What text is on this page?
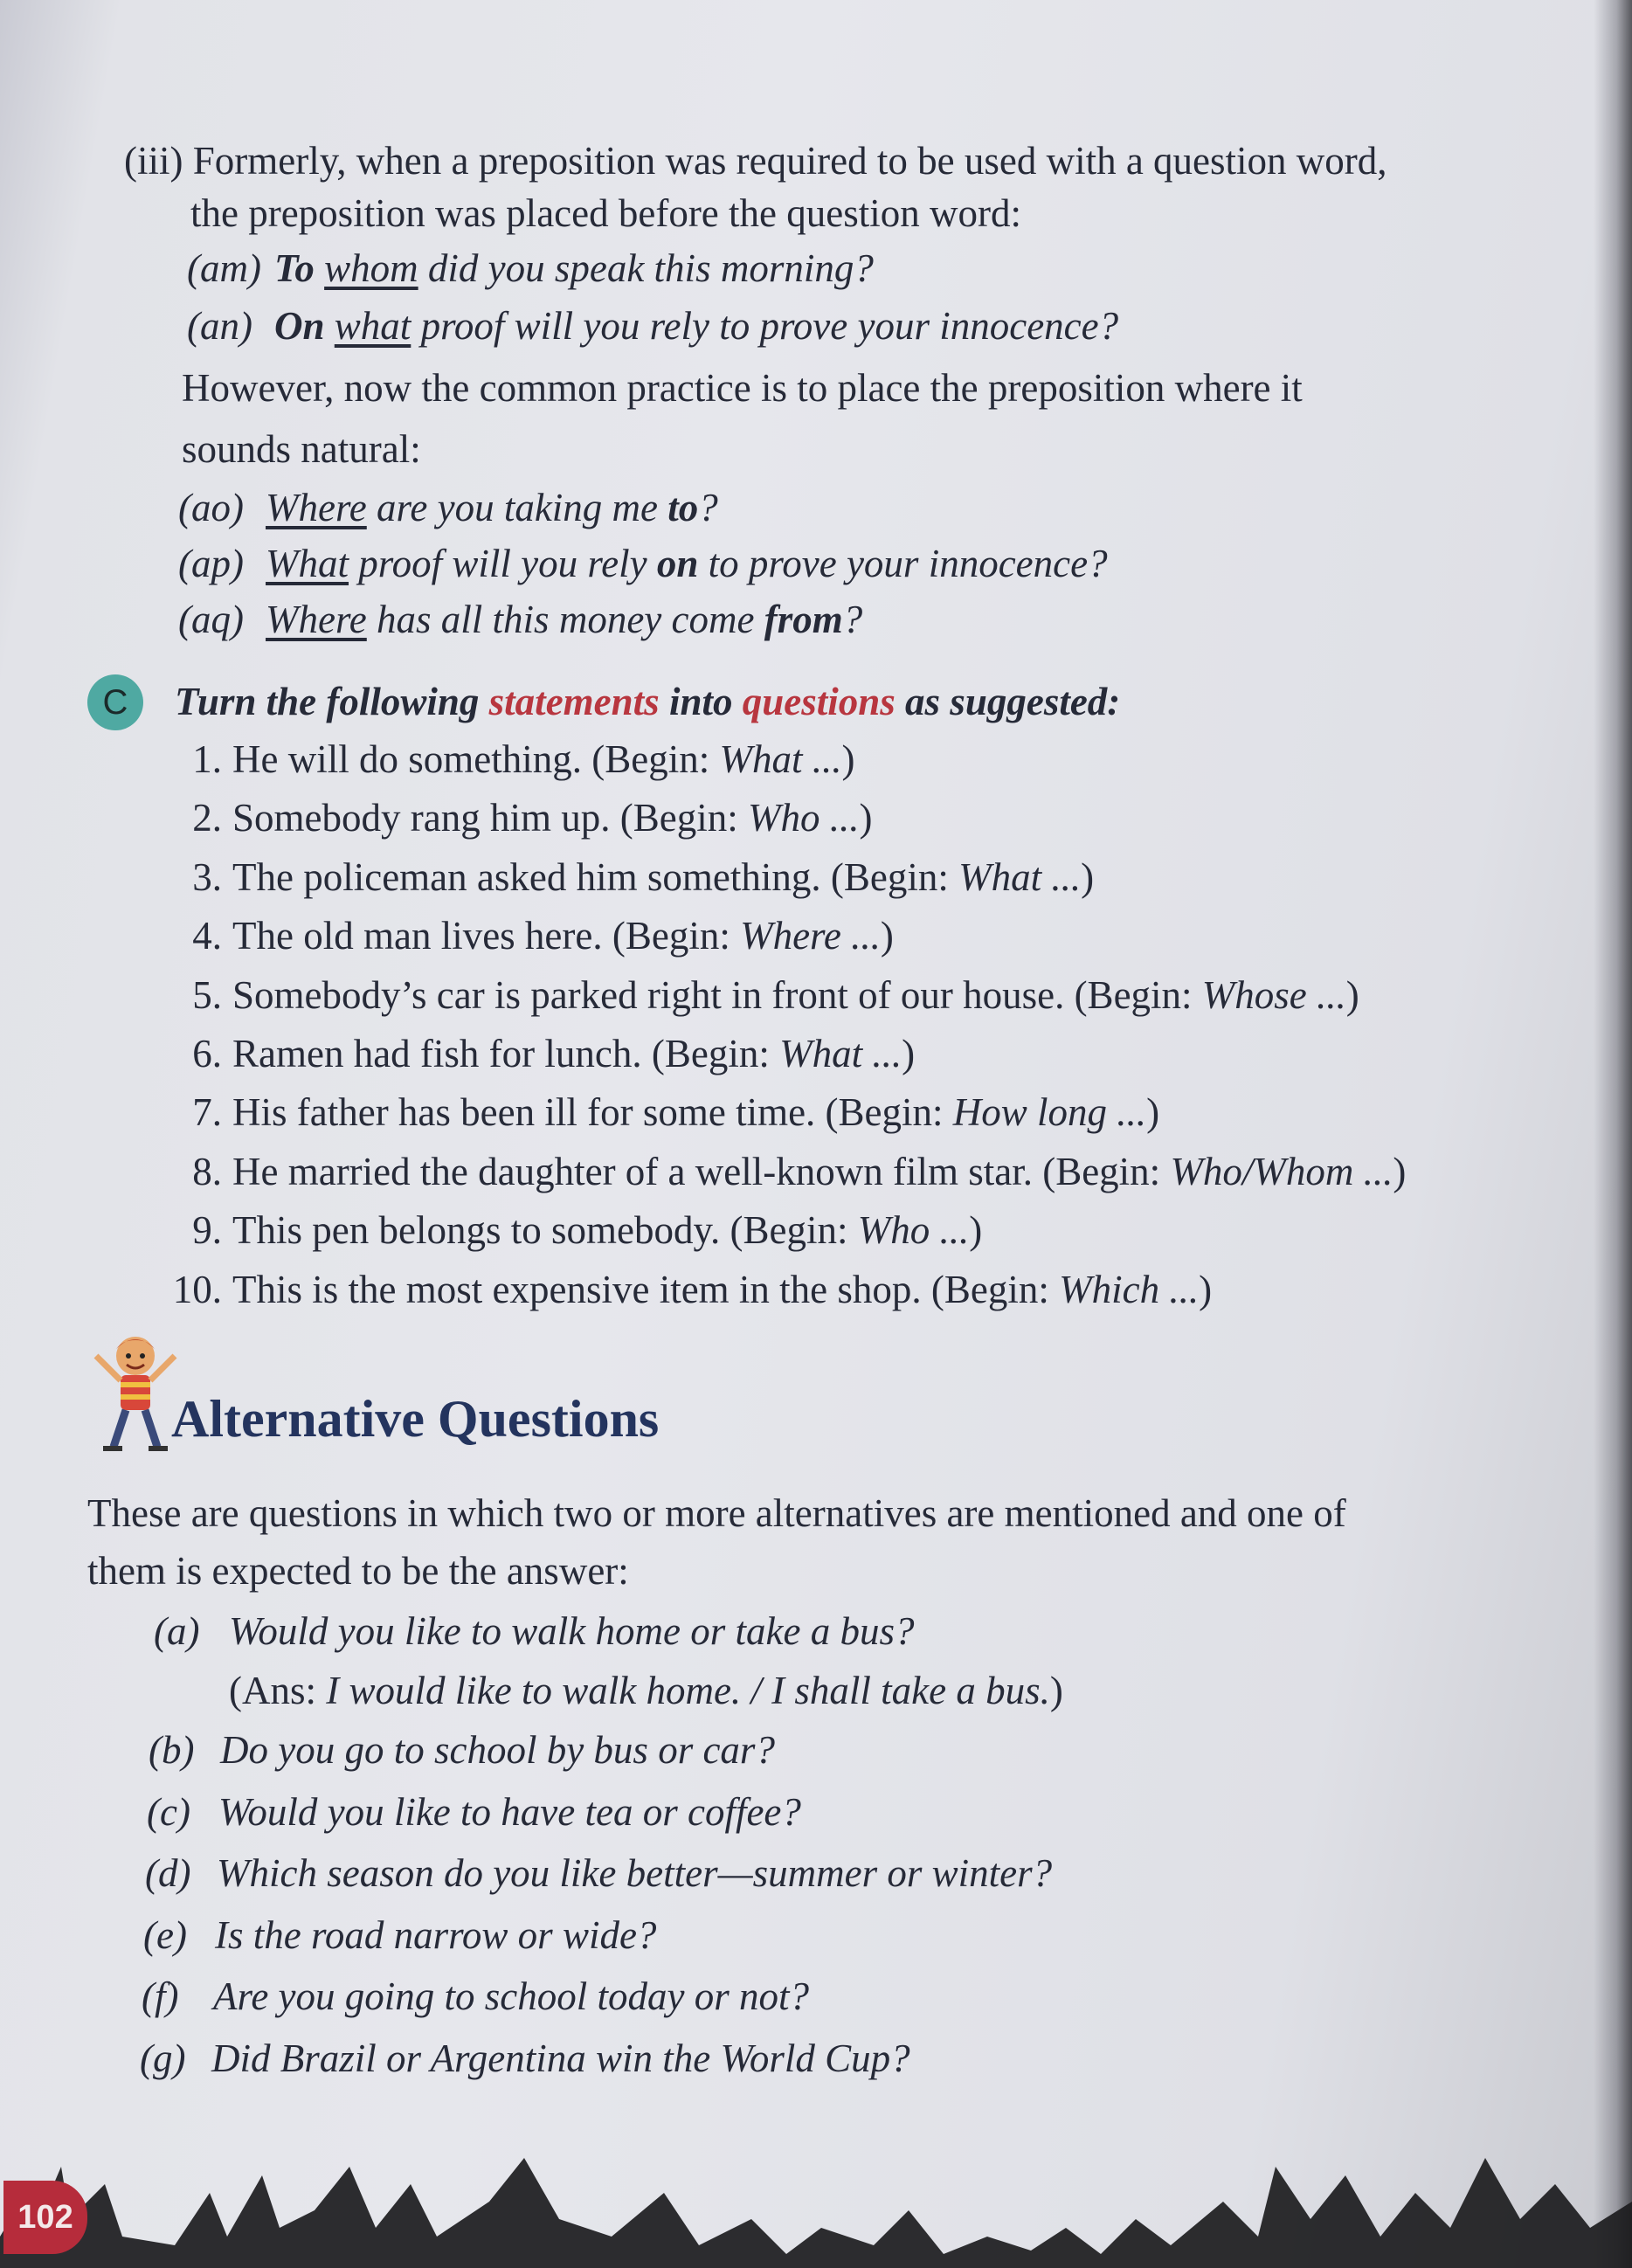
(iii) Formerly, when a preposition was required to be used with a question word,
the preposition was placed before the question word:
(am) To whom did you speak this morning?
(an) On what proof will you rely to prove your innocence?
However, now the common practice is to place the preposition where it
sounds natural:
(ao) Where are you taking me to?
(ap) What proof will you rely on to prove your innocence?
(aq) Where has all this money come from?
C	Turn the following statements into questions as suggested:
1. He will do something. (Begin: What ...)
2. Somebody rang him up. (Begin: Who ...)
3. The policeman asked him something. (Begin: What ...)
4. The old man lives here. (Begin: Where ...)
5. Somebody’s car is parked right in front of our house. (Begin: Whose ...)
6. Ramen had fish for lunch. (Begin: What ...)
7. His father has been ill for some time. (Begin: How long ...)
8. He married the daughter of a well-known film star. (Begin: Who/Whom ...)
9. This pen belongs to somebody. (Begin: Who ...)
10. This is the most expensive item in the shop. (Begin: Which ...)
Alternative Questions
These are questions in which two or more alternatives are mentioned and one of
them is expected to be the answer:
(a) Would you like to walk home or take a bus?
(Ans: I would like to walk home. / I shall take a bus.)
(b) Do you go to school by bus or car?
(c) Would you like to have tea or coffee?
(d) Which season do you like better—summer or winter?
(e) Is the road narrow or wide?
(f) Are you going to school today or not?
(g) Did Brazil or Argentina win the World Cup?
102
